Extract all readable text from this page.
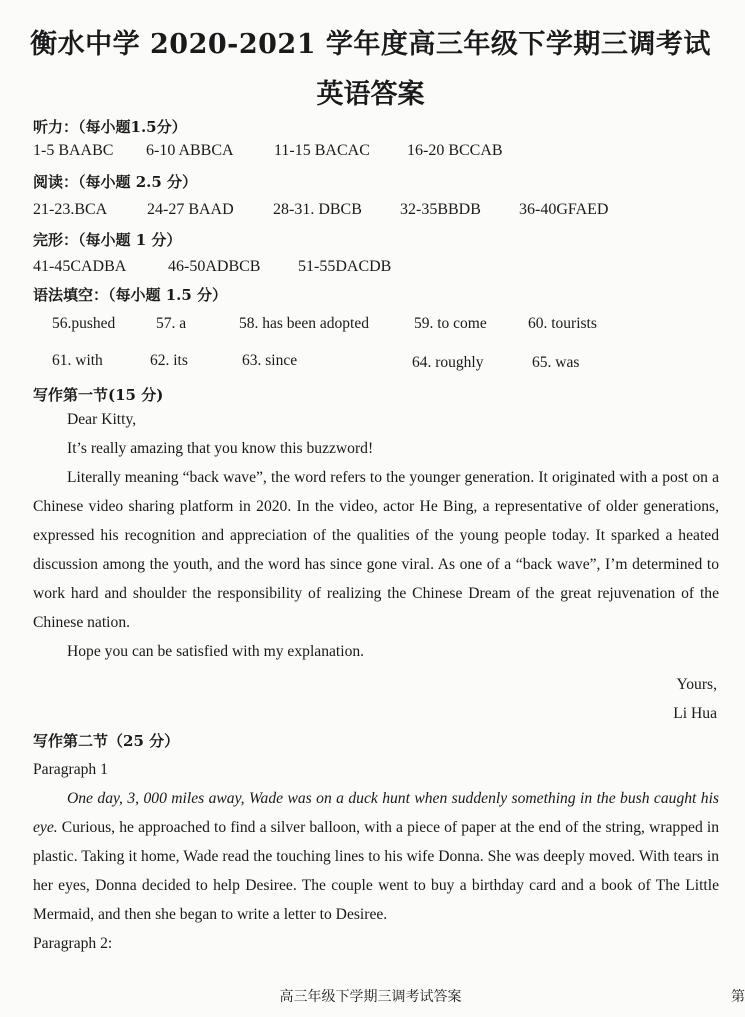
衡水中学 2020-2021 学年度高三年级下学期三调考试
英语答案
听力：（每小题1.5分）
1-5 BAABC 6-10 ABBCA	11-15 BACAC 16-20 BCCAB
阅读：（每小题 2.5 分）
21-23.BCA 24-27 BAAD 28-31. DBCB 32-35BBDB 36-40GFAED
完形：（每小题 1 分）
41-45CADBA	46-50ADBCB 51-55DACDB
语法填空：（每小题 1.5 分）
56.pushed	57. a	58. has been adopted	59. to come	60. tourists
61. with	62. its	63. since	64. roughly	65. was
写作第一节(15 分)

Dear Kitty,

It’s really amazing that you know this buzzword!

Literally meaning “back wave”, the word refers to the younger generation. It originated with a post on a Chinese video sharing platform in 2020. In the video, actor He Bing, a representative of older generations, expressed his recognition and appreciation of the qualities of the young people today. It sparked a heated discussion among the youth, and the word has since gone viral. As one of a “back wave”, I’m determined to work hard and shoulder the responsibility of realizing the Chinese Dream of the great rejuvenation of the Chinese nation.

Hope you can be satisfied with my explanation.

Yours,
Li Hua
写作第二节（25 分）

Paragraph 1

One day, 3, 000 miles away, Wade was on a duck hunt when suddenly something in the bush caught his eye. Curious, he approached to find a silver balloon, with a piece of paper at the end of the string, wrapped in plastic. Taking it home, Wade read the touching lines to his wife Donna. She was deeply moved. With tears in her eyes, Donna decided to help Desiree. The couple went to buy a birthday card and a book of The Little Mermaid, and then she began to write a letter to Desiree.

Paragraph 2:

高三年级下学期三调考试答案	第
